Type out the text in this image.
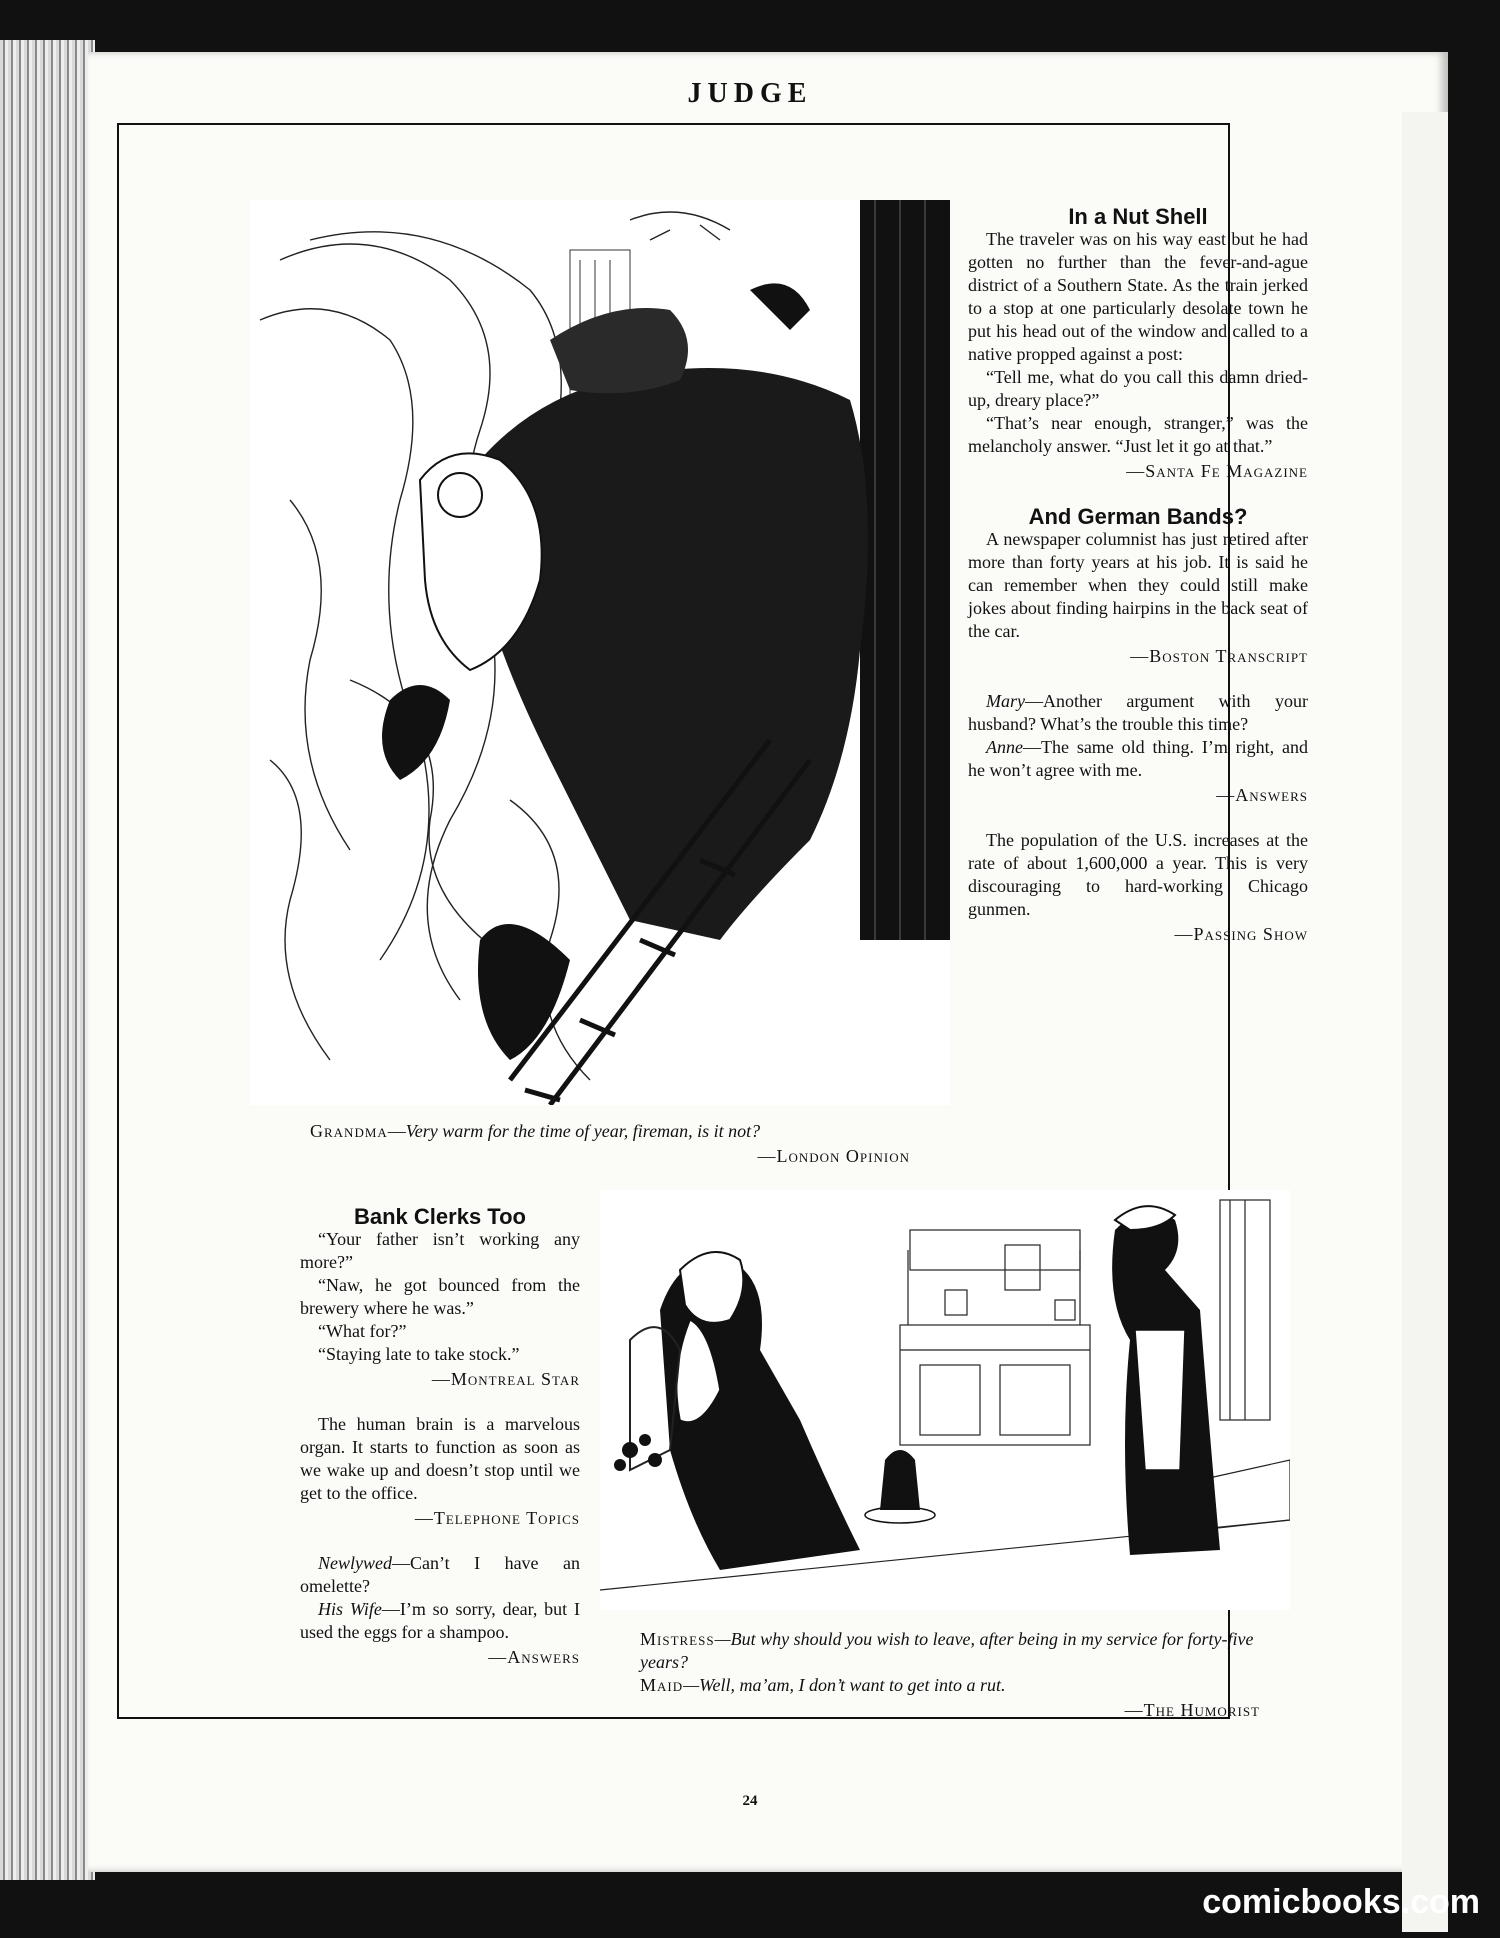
JUDGE
Grandma—Very warm for the time of year, fireman, is it not?
—London Opinion

In a Nut Shell

The traveler was on his way east but he had gotten no further than the fever-and-ague district of a Southern State. As the train jerked to a stop at one particularly desolate town he put his head out of the window and called to a native propped against a post:

“Tell me, what do you call this damn dried-up, dreary place?”

“That’s near enough, stranger,” was the melancholy answer. “Just let it go at that.”

—Santa Fe Magazine

And German Bands?

A newspaper columnist has just retired after more than forty years at his job. It is said he can remember when they could still make jokes about finding hairpins in the back seat of the car.

—Boston Transcript

Mary—Another argument with your husband? What’s the trouble this time?

Anne—The same old thing. I’m right, and he won’t agree with me.

—Answers

The population of the U.S. increases at the rate of about 1,600,000 a year. This is very discouraging to hard-working Chicago gunmen.

—Passing Show

Bank Clerks Too

“Your father isn’t working any more?”

“Naw, he got bounced from the brewery where he was.”

“What for?”

“Staying late to take stock.”

—Montreal Star

The human brain is a marvelous organ. It starts to function as soon as we wake up and doesn’t stop until we get to the office.

—Telephone Topics

Newlywed—Can’t I have an omelette?

His Wife—I’m so sorry, dear, but I used the eggs for a shampoo.

—Answers
Mistress—But why should you wish to leave, after being in my service for forty-five years?
Maid—Well, ma’am, I don’t want to get into a rut.
—The Humorist
24
comicbooks.com
